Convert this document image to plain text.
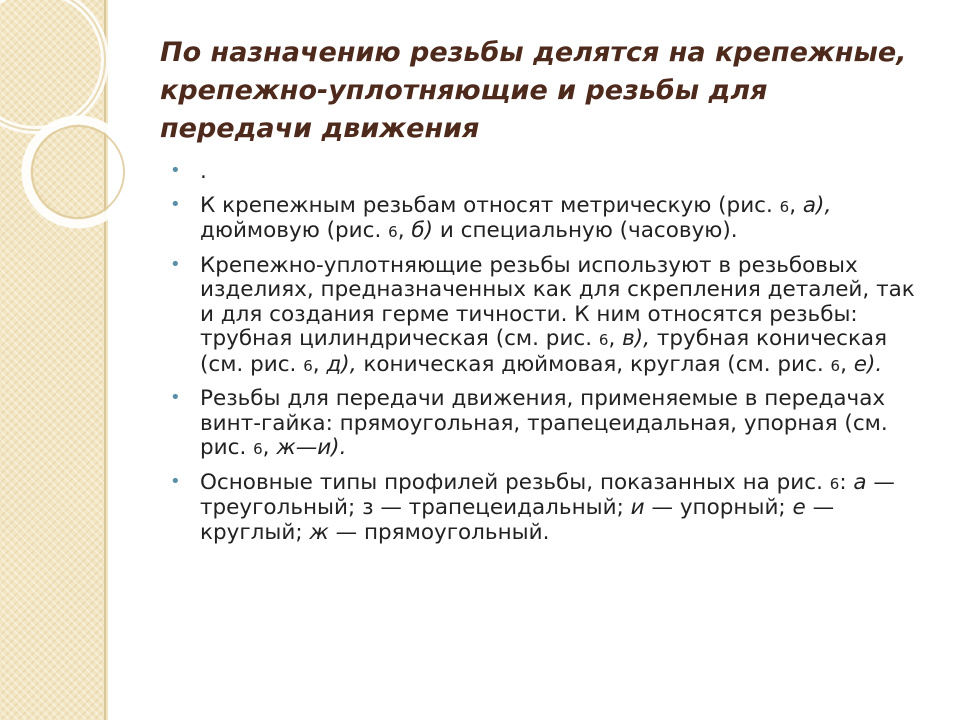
По назначению резьбы делятся на крепежные, крепежно-уплотняющие и резьбы для передачи движения
• .
• К крепежным резьбам относят метрическую (рис. 6, а), дюймовую (рис. 6, б) и специальную (часовую).
• Крепежно-уплотняющие резьбы используют в резьбовых изделиях, предназначенных как для скрепления деталей, так и для создания герме тичности. К ним относятся резьбы: трубная цилиндрическая (см. рис. 6, в), трубная коническая (см. рис. 6, д), коническая дюймовая, круглая (см. рис. 6, е).
• Резьбы для передачи движения, применяемые в передачах винт-гайка: прямоугольная, трапецеидальная, упорная (см. рис. 6, ж—и).
• Основные типы профилей резьбы, показанных на рис. 6: а — треугольный; з — трапецеидальный; и — упорный; е — круглый; ж — прямоугольный.
